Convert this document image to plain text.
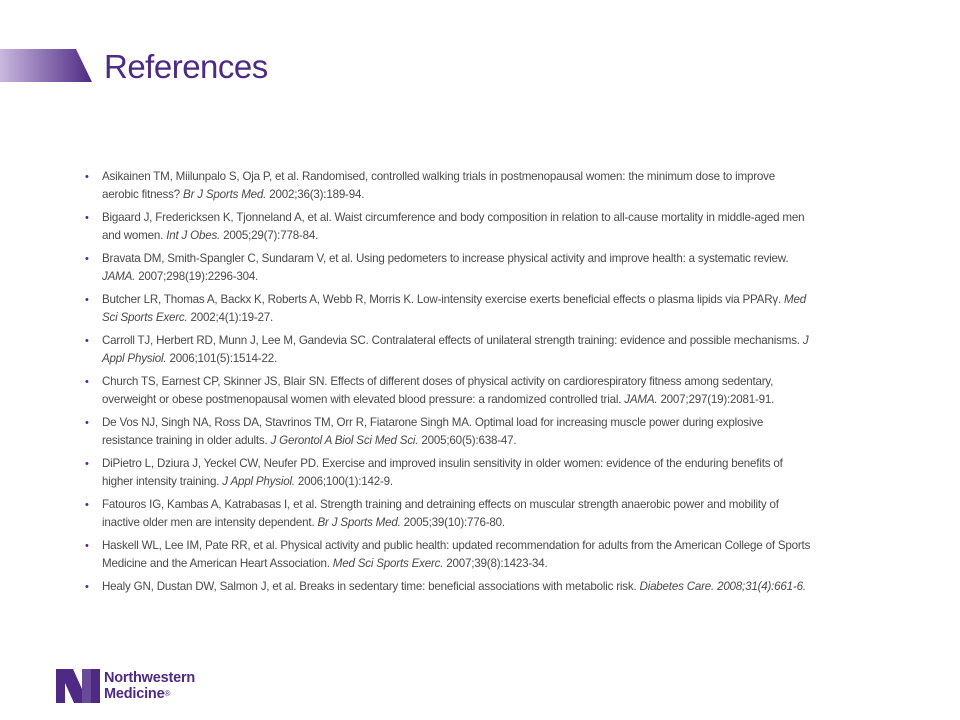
References
• Asikainen TM, Miilunpalo S, Oja P, et al. Randomised, controlled walking trials in postmenopausal women: the minimum dose to improve aerobic fitness? Br J Sports Med. 2002;36(3):189-94.
• Bigaard J, Fredericksen K, Tjonneland A, et al. Waist circumference and body composition in relation to all-cause mortality in middle-aged men and women. Int J Obes. 2005;29(7):778-84.
• Bravata DM, Smith-Spangler C, Sundaram V, et al. Using pedometers to increase physical activity and improve health: a systematic review. JAMA. 2007;298(19):2296-304.
• Butcher LR, Thomas A, Backx K, Roberts A, Webb R, Morris K. Low-intensity exercise exerts beneficial effects o plasma lipids via PPARγ. Med Sci Sports Exerc. 2002;4(1):19-27.
• Carroll TJ, Herbert RD, Munn J, Lee M, Gandevia SC. Contralateral effects of unilateral strength training: evidence and possible mechanisms. J Appl Physiol. 2006;101(5):1514-22.
• Church TS, Earnest CP, Skinner JS, Blair SN. Effects of different doses of physical activity on cardiorespiratory fitness among sedentary, overweight or obese postmenopausal women with elevated blood pressure: a randomized controlled trial. JAMA. 2007;297(19):2081-91.
• De Vos NJ, Singh NA, Ross DA, Stavrinos TM, Orr R, Fiatarone Singh MA. Optimal load for increasing muscle power during explosive resistance training in older adults. J Gerontol A Biol Sci Med Sci. 2005;60(5):638-47.
• DiPietro L, Dziura J, Yeckel CW, Neufer PD. Exercise and improved insulin sensitivity in older women: evidence of the enduring benefits of higher intensity training. J Appl Physiol. 2006;100(1):142-9.
• Fatouros IG, Kambas A, Katrabasas I, et al. Strength training and detraining effects on muscular strength anaerobic power and mobility of inactive older men are intensity dependent. Br J Sports Med. 2005;39(10):776-80.
• Haskell WL, Lee IM, Pate RR, et al. Physical activity and public health: updated recommendation for adults from the American College of Sports Medicine and the American Heart Association. Med Sci Sports Exerc. 2007;39(8):1423-34.
• Healy GN, Dustan DW, Salmon J, et al. Breaks in sedentary time: beneficial associations with metabolic risk. Diabetes Care. 2008;31(4):661-6.
Northwestern
Medicine®
